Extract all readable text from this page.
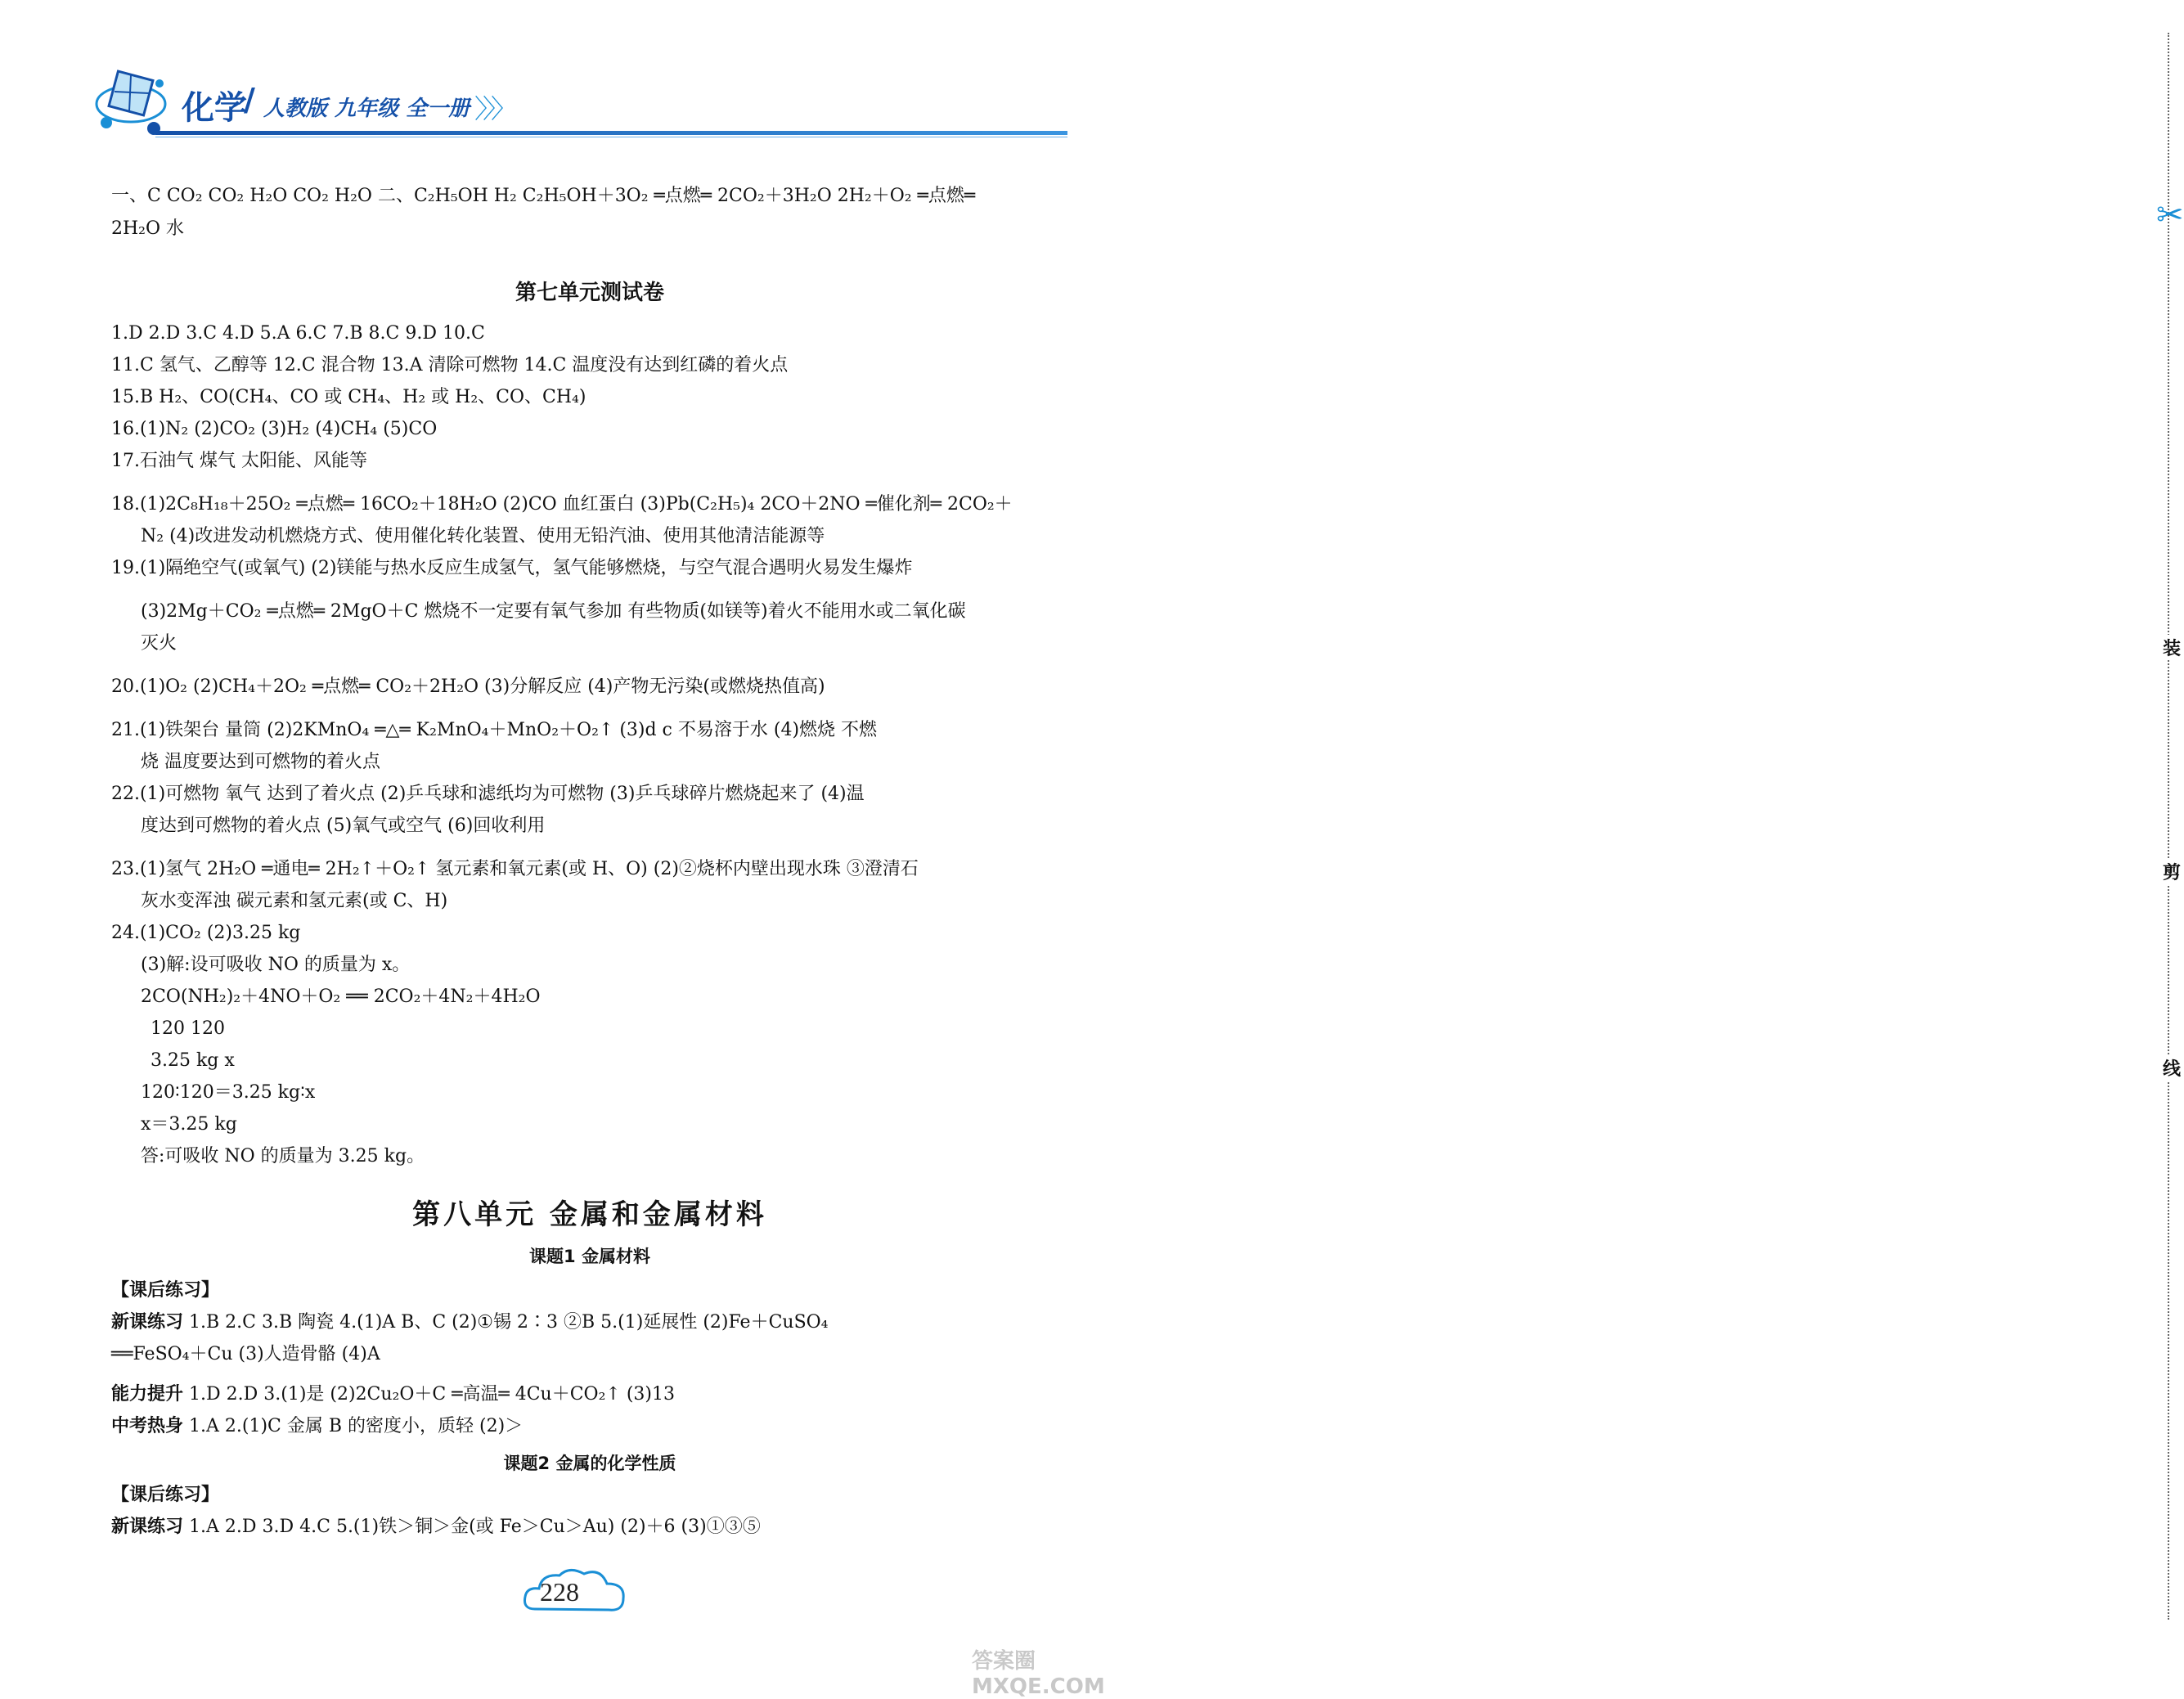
化学
/ 人教版 九年级 全一册 〉〉〉
✂
装
剪
线
一、C CO₂ CO₂ H₂O CO₂ H₂O 二、C₂H₅OH H₂ C₂H₅OH＋3O₂ ═点燃═ 2CO₂＋3H₂O 2H₂＋O₂ ═点燃═
2H₂O 水
第七单元测试卷
1.D 2.D 3.C 4.D 5.A 6.C 7.B 8.C 9.D 10.C
11.C 氢气、乙醇等 12.C 混合物 13.A 清除可燃物 14.C 温度没有达到红磷的着火点
15.B H₂、CO(CH₄、CO 或 CH₄、H₂ 或 H₂、CO、CH₄)
16.(1)N₂ (2)CO₂ (3)H₂ (4)CH₄ (5)CO
17.石油气 煤气 太阳能、风能等
18.(1)2C₈H₁₈＋25O₂ ═点燃═ 16CO₂＋18H₂O (2)CO 血红蛋白 (3)Pb(C₂H₅)₄ 2CO＋2NO ═催化剂═ 2CO₂＋
N₂ (4)改进发动机燃烧方式、使用催化转化装置、使用无铅汽油、使用其他清洁能源等
19.(1)隔绝空气(或氧气) (2)镁能与热水反应生成氢气，氢气能够燃烧，与空气混合遇明火易发生爆炸
(3)2Mg＋CO₂ ═点燃═ 2MgO＋C 燃烧不一定要有氧气参加 有些物质(如镁等)着火不能用水或二氧化碳
灭火
20.(1)O₂ (2)CH₄＋2O₂ ═点燃═ CO₂＋2H₂O (3)分解反应 (4)产物无污染(或燃烧热值高)
21.(1)铁架台 量筒 (2)2KMnO₄ ═△═ K₂MnO₄＋MnO₂＋O₂↑ (3)d c 不易溶于水 (4)燃烧 不燃
烧 温度要达到可燃物的着火点
22.(1)可燃物 氧气 达到了着火点 (2)乒乓球和滤纸均为可燃物 (3)乒乓球碎片燃烧起来了 (4)温
度达到可燃物的着火点 (5)氧气或空气 (6)回收利用
23.(1)氢气 2H₂O ═通电═ 2H₂↑＋O₂↑ 氢元素和氧元素(或 H、O) (2)②烧杯内壁出现水珠 ③澄清石
灰水变浑浊 碳元素和氢元素(或 C、H)
24.(1)CO₂ (2)3.25 kg
(3)解:设可吸收 NO 的质量为 x。
2CO(NH₂)₂＋4NO＋O₂ ══ 2CO₂＋4N₂＋4H₂O
120 120
3.25 kg x
120∶120＝3.25 kg∶x
x＝3.25 kg
答:可吸收 NO 的质量为 3.25 kg。
第八单元 金属和金属材料
课题1 金属材料
【课后练习】
新课练习 1.B 2.C 3.B 陶瓷 4.(1)A B、C (2)①锡 2∶3 ②B 5.(1)延展性 (2)Fe＋CuSO₄
══FeSO₄＋Cu (3)人造骨骼 (4)A
能力提升 1.D 2.D 3.(1)是 (2)2Cu₂O＋C ═高温═ 4Cu＋CO₂↑ (3)13
中考热身 1.A 2.(1)C 金属 B 的密度小，质轻 (2)＞
课题2 金属的化学性质
【课后练习】
新课练习 1.A 2.D 3.D 4.C 5.(1)铁＞铜＞金(或 Fe＞Cu＞Au) (2)＋6 (3)①③⑤
228
答案圈 MXQE.COM
